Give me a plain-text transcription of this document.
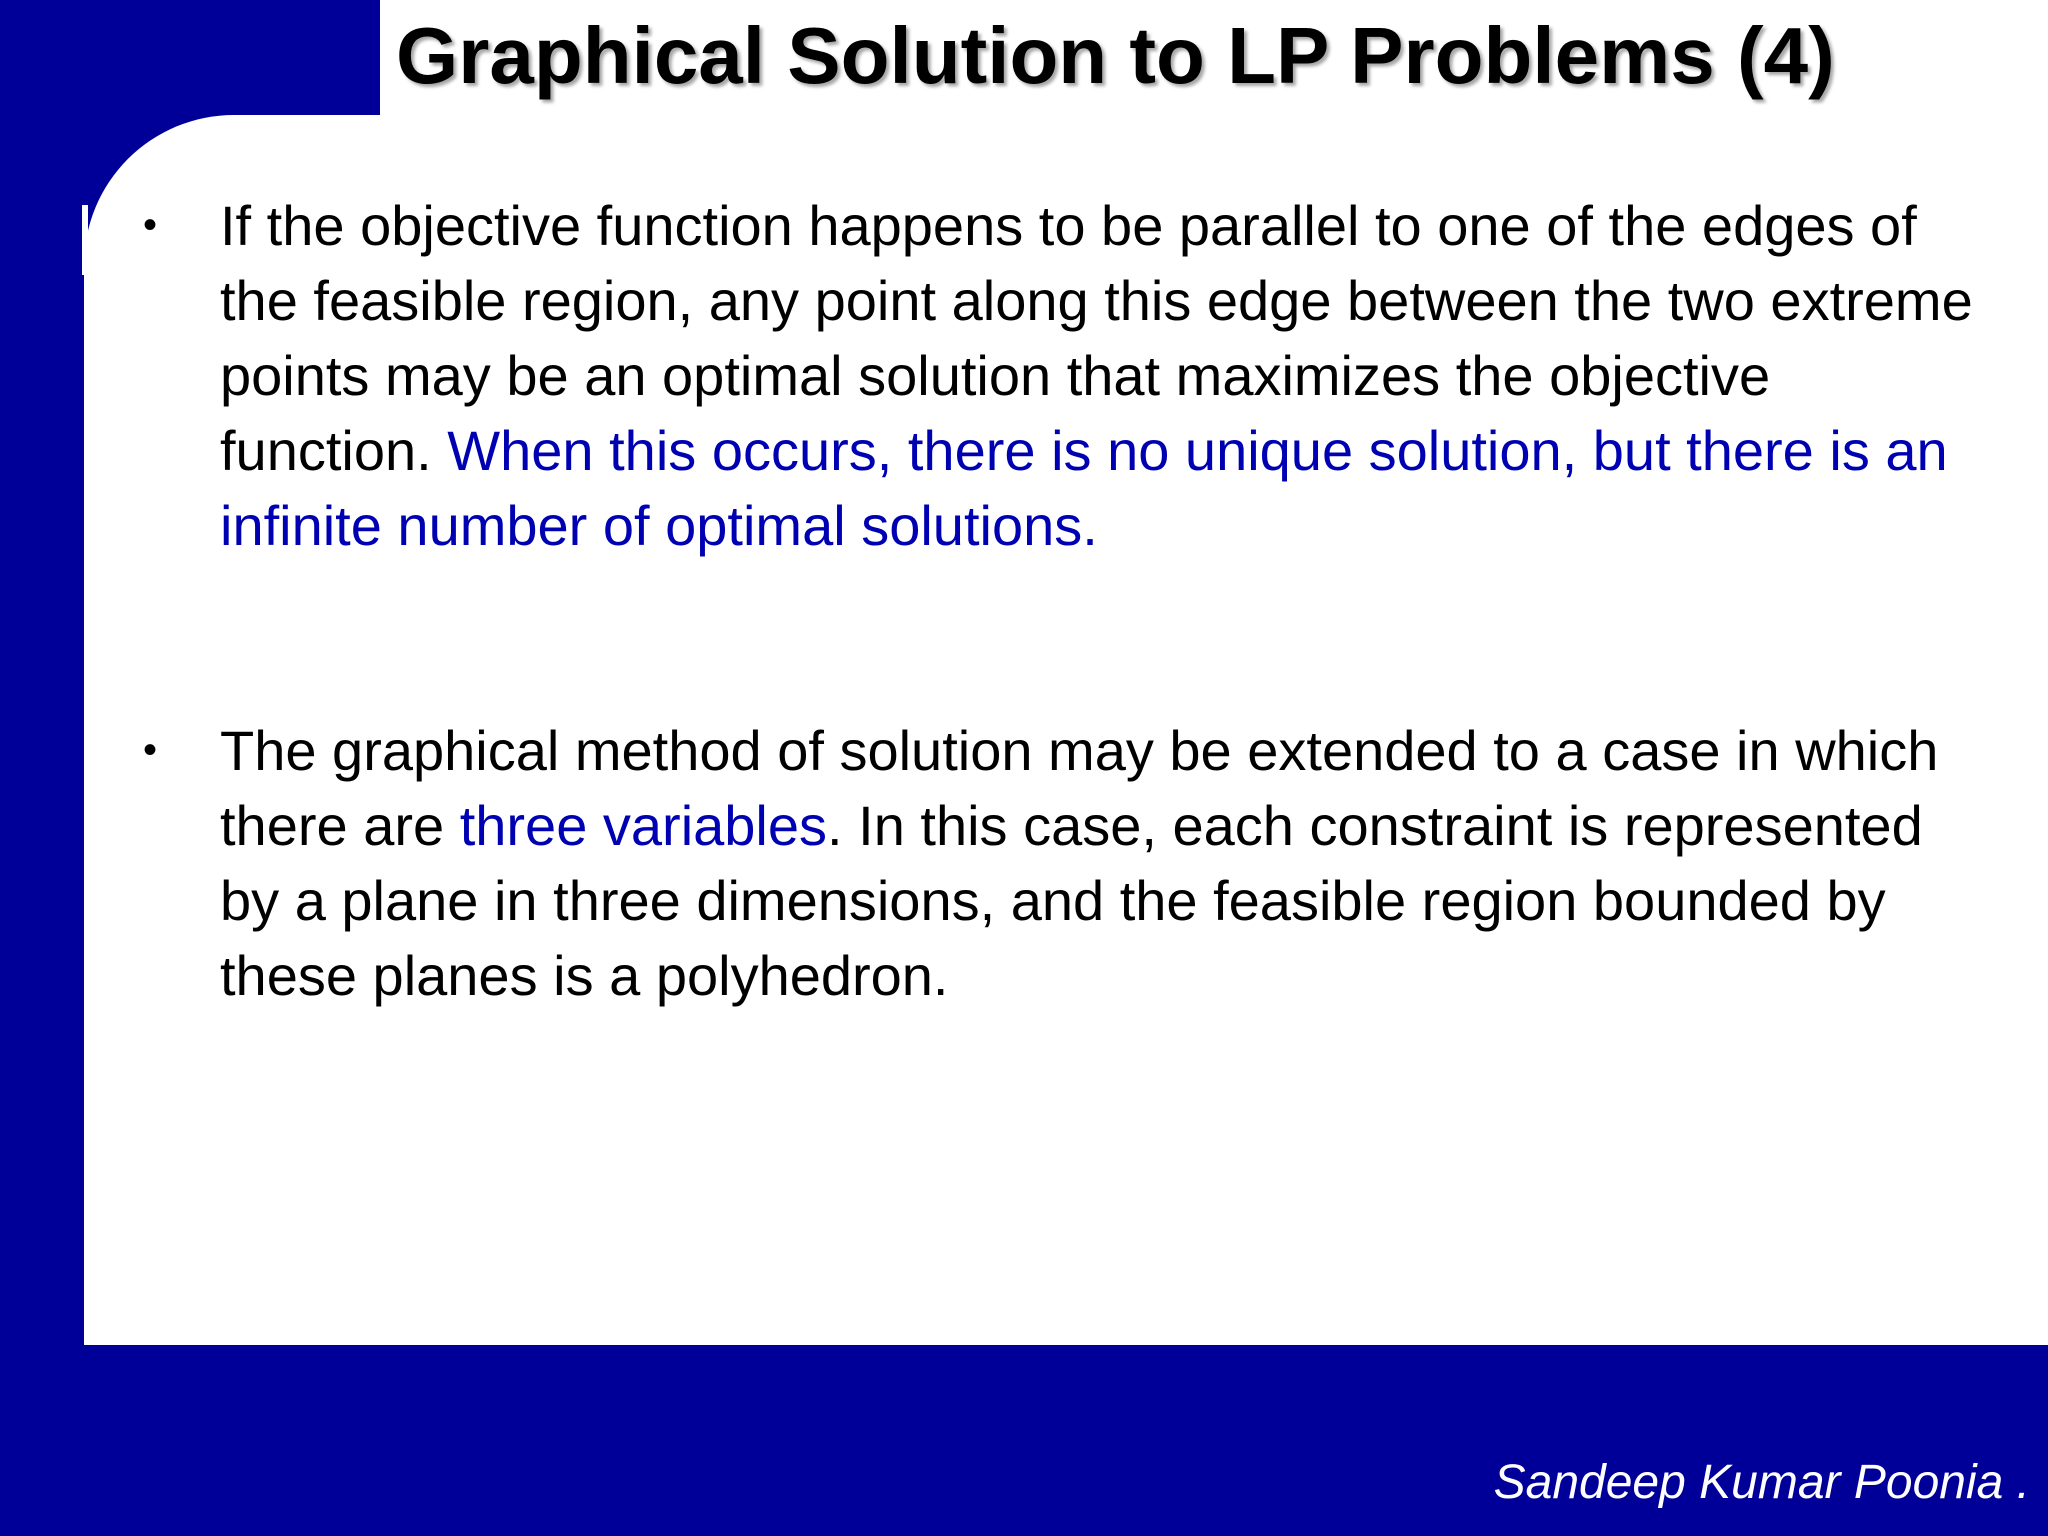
Graphical Solution to LP Problems (4)
• If the objective function happens to be parallel to one of the edges of the feasible region, any point along this edge between the two extreme points may be an optimal solution that maximizes the objective function. When this occurs, there is no unique solution, but there is an infinite number of optimal solutions.
• The graphical method of solution may be extended to a case in which there are three variables. In this case, each constraint is represented by a plane in three dimensions, and the feasible region bounded by these planes is a polyhedron.
Sandeep Kumar Poonia .
